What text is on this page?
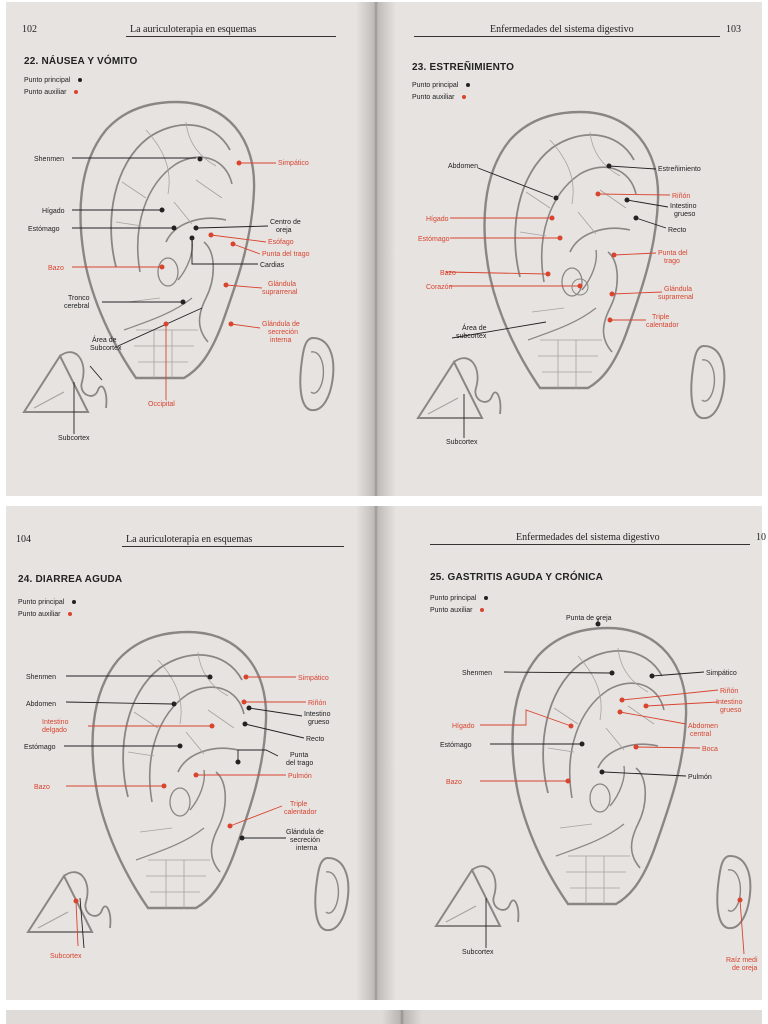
102	La auriculoterapia en esquemas
22. NÁUSEA Y VÓMITO
Punto principal
Punto auxiliar
Enfermedades del sistema digestivo	103
23. ESTREÑIMIENTO
Punto principal
Punto auxiliar
Shenmen
Simpático
Hígado
Estómago
Centro de
oreja
Esófago
Punta del trago
Bazo	Cardias
Glándula
suprarrenal
Tronco
cerebral
Glándula de
secreción
interna
Área de
Subcortex
Occipital
Subcortex
Abdomen	Estreñimiento
Riñón
Intestino
grueso
Hígado
Recto
Estómago
Punta del
trago
Bazo
Corazón	Glándula
suprarrenal
Triple
calentador
Área de
subcortex
Subcortex
104	La auriculoterapia en esquemas
24. DIARREA AGUDA
Punto principal
Punto auxiliar
Enfermedades del sistema digestivo	10
25. GASTRITIS AGUDA Y CRÓNICA
Punto principal
Punto auxiliar
Shenmen	Simpático
Abdomen	Riñón
Intestino
grueso
Intestino
delgado
Recto
Estómago
Punta
del trago
Pulmón
Bazo
Triple
calentador
Glándula de
secreción
interna
Subcortex
Punta de oreja
Shenmen	Simpático
Riñón
Intestino
grueso
Hígado	Abdomen
central
Estómago
Boca
Pulmón
Bazo
Subcortex
Raíz medi
de oreja
